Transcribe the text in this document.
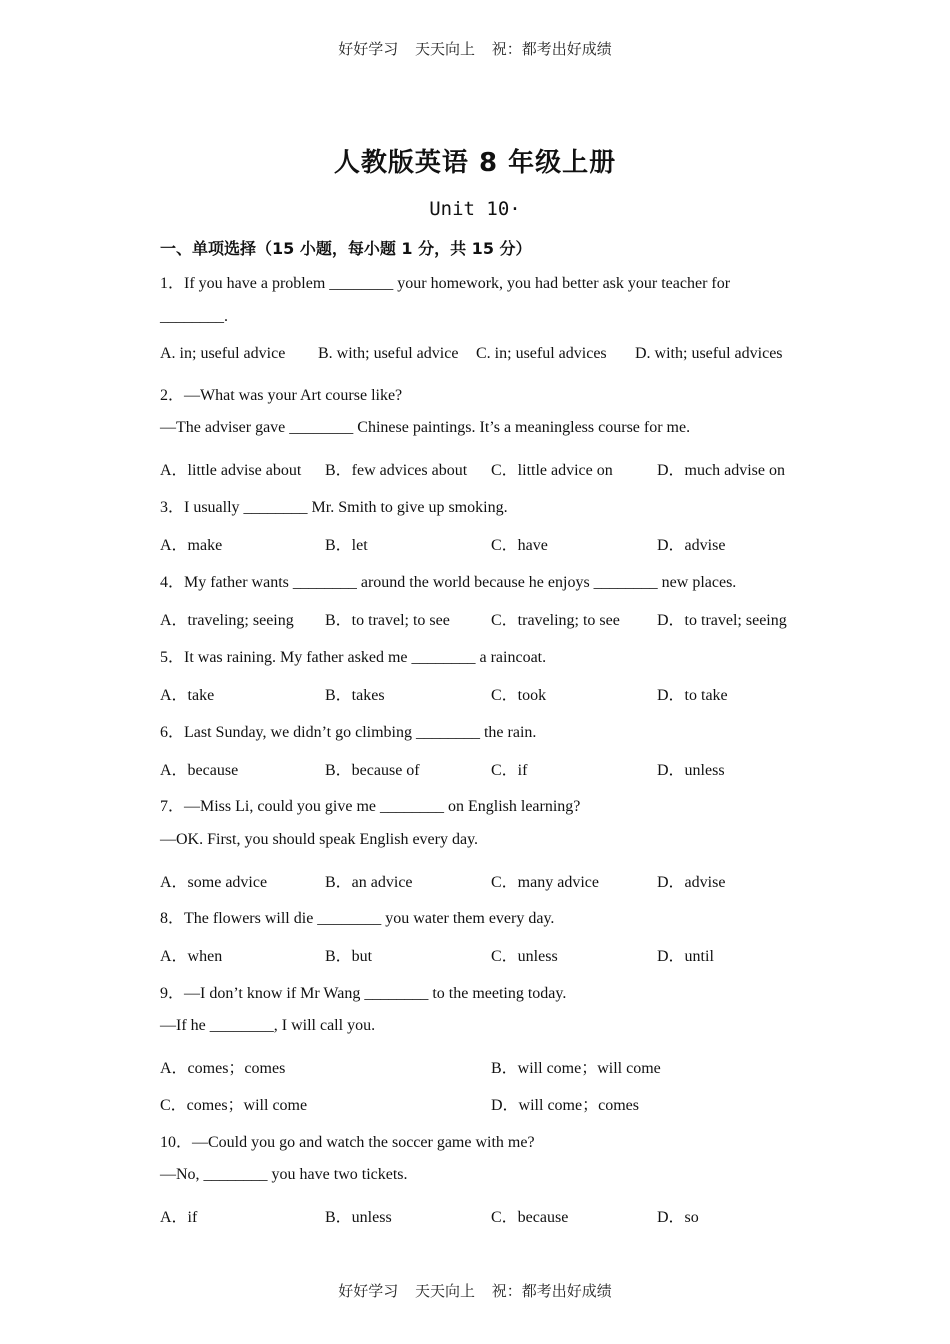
好好学习 天天向上 祝：都考出好成绩
人教版英语 8 年级上册
Unit 10·
一、单项选择（15 小题，每小题 1 分，共 15 分）
1．If you have a problem ________ your homework, you had better ask your teacher for
________.
A. in; useful advice B. with; useful advice C. in; useful advices D. with; useful advices
2．—What was your Art course like?
—The adviser gave ________ Chinese paintings. It’s a meaningless course for me.
A．little advise about B．few advices about C．little advice on	D．much advise on
3．I usually ________ Mr. Smith to give up smoking.
A．make	B．let	C．have	D．advise
4．My father wants ________ around the world because he enjoys ________ new places.
A．traveling; seeing B．to travel; to see	C．traveling; to see D．to travel; seeing
5．It was raining. My father asked me ________ a raincoat.
A．take	B．takes	C．took	D．to take
6．Last Sunday, we didn’t go climbing ________ the rain.
A．because	B．because of	C．if	D．unless
7．—Miss Li, could you give me ________ on English learning?
—OK. First, you should speak English every day.
A．some advice	B．an advice	C．many advice	D．advise
8．The flowers will die ________ you water them every day.
A．when	B．but	C．unless	D．until
9．—I don’t know if Mr Wang ________ to the meeting today.
—If he ________, I will call you.
A．comes；comes	B．will come；will come
C．comes；will come	D．will come；comes
10．—Could you go and watch the soccer game with me?
—No, ________ you have two tickets.
A．if	B．unless	C．because	D．so
好好学习 天天向上 祝：都考出好成绩
